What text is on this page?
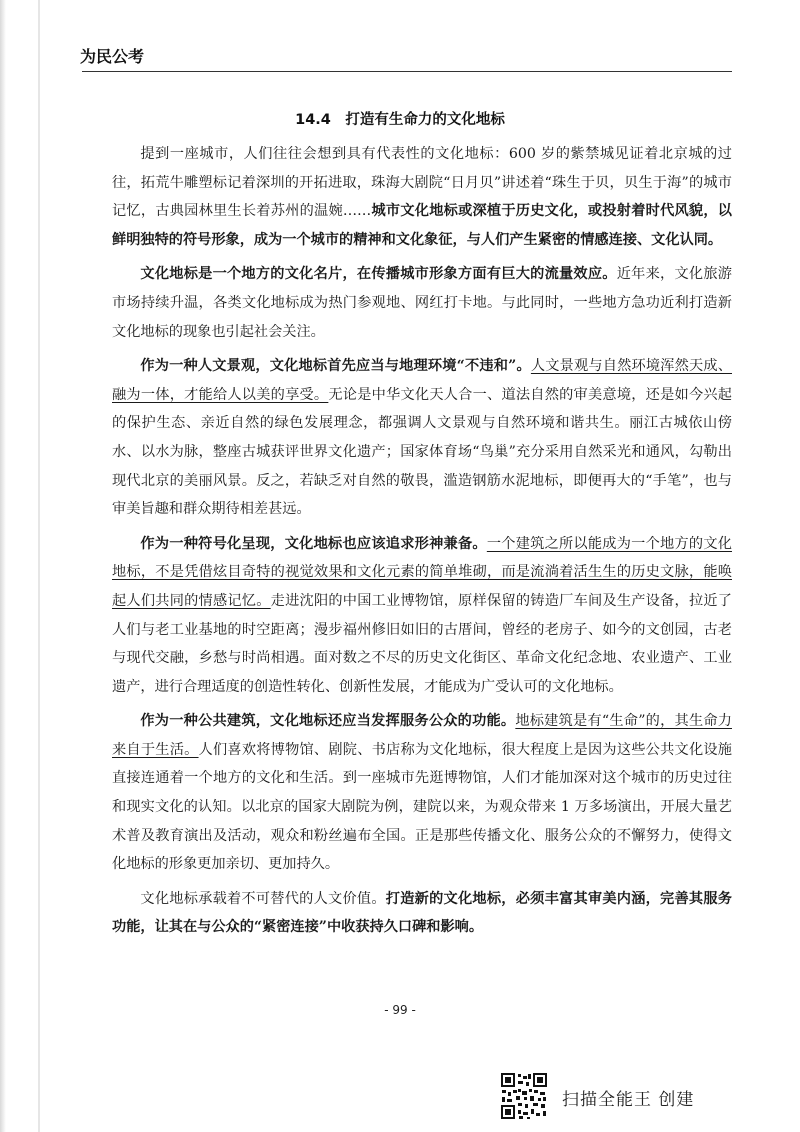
为民公考
14.4　打造有生命力的文化地标

提到一座城市，人们往往会想到具有代表性的文化地标：600 岁的紫禁城见证着北京城的过往，拓荒牛雕塑标记着深圳的开拓进取，珠海大剧院“日月贝”讲述着“珠生于贝，贝生于海”的城市记忆，古典园林里生长着苏州的温婉……城市文化地标或深植于历史文化，或投射着时代风貌，以鲜明独特的符号形象，成为一个城市的精神和文化象征，与人们产生紧密的情感连接、文化认同。

文化地标是一个地方的文化名片，在传播城市形象方面有巨大的流量效应。近年来，文化旅游市场持续升温，各类文化地标成为热门参观地、网红打卡地。与此同时，一些地方急功近利打造新文化地标的现象也引起社会关注。

作为一种人文景观，文化地标首先应当与地理环境“不违和”。人文景观与自然环境浑然天成、融为一体，才能给人以美的享受。无论是中华文化天人合一、道法自然的审美意境，还是如今兴起的保护生态、亲近自然的绿色发展理念，都强调人文景观与自然环境和谐共生。丽江古城依山傍水、以水为脉，整座古城获评世界文化遗产；国家体育场“鸟巢”充分采用自然采光和通风，勾勒出现代北京的美丽风景。反之，若缺乏对自然的敬畏，滥造钢筋水泥地标，即便再大的“手笔”，也与审美旨趣和群众期待相差甚远。

作为一种符号化呈现，文化地标也应该追求形神兼备。一个建筑之所以能成为一个地方的文化地标，不是凭借炫目奇特的视觉效果和文化元素的简单堆砌，而是流淌着活生生的历史文脉，能唤起人们共同的情感记忆。走进沈阳的中国工业博物馆，原样保留的铸造厂车间及生产设备，拉近了人们与老工业基地的时空距离；漫步福州修旧如旧的古厝间，曾经的老房子、如今的文创园，古老与现代交融，乡愁与时尚相遇。面对数之不尽的历史文化街区、革命文化纪念地、农业遗产、工业遗产，进行合理适度的创造性转化、创新性发展，才能成为广受认可的文化地标。

作为一种公共建筑，文化地标还应当发挥服务公众的功能。地标建筑是有“生命”的，其生命力来自于生活。人们喜欢将博物馆、剧院、书店称为文化地标，很大程度上是因为这些公共文化设施直接连通着一个地方的文化和生活。到一座城市先逛博物馆，人们才能加深对这个城市的历史过往和现实文化的认知。以北京的国家大剧院为例，建院以来，为观众带来 1 万多场演出，开展大量艺术普及教育演出及活动，观众和粉丝遍布全国。正是那些传播文化、服务公众的不懈努力，使得文化地标的形象更加亲切、更加持久。

文化地标承载着不可替代的人文价值。打造新的文化地标，必须丰富其审美内涵，完善其服务功能，让其在与公众的“紧密连接”中收获持久口碑和影响。

- 99 -
扫描全能王 创建
